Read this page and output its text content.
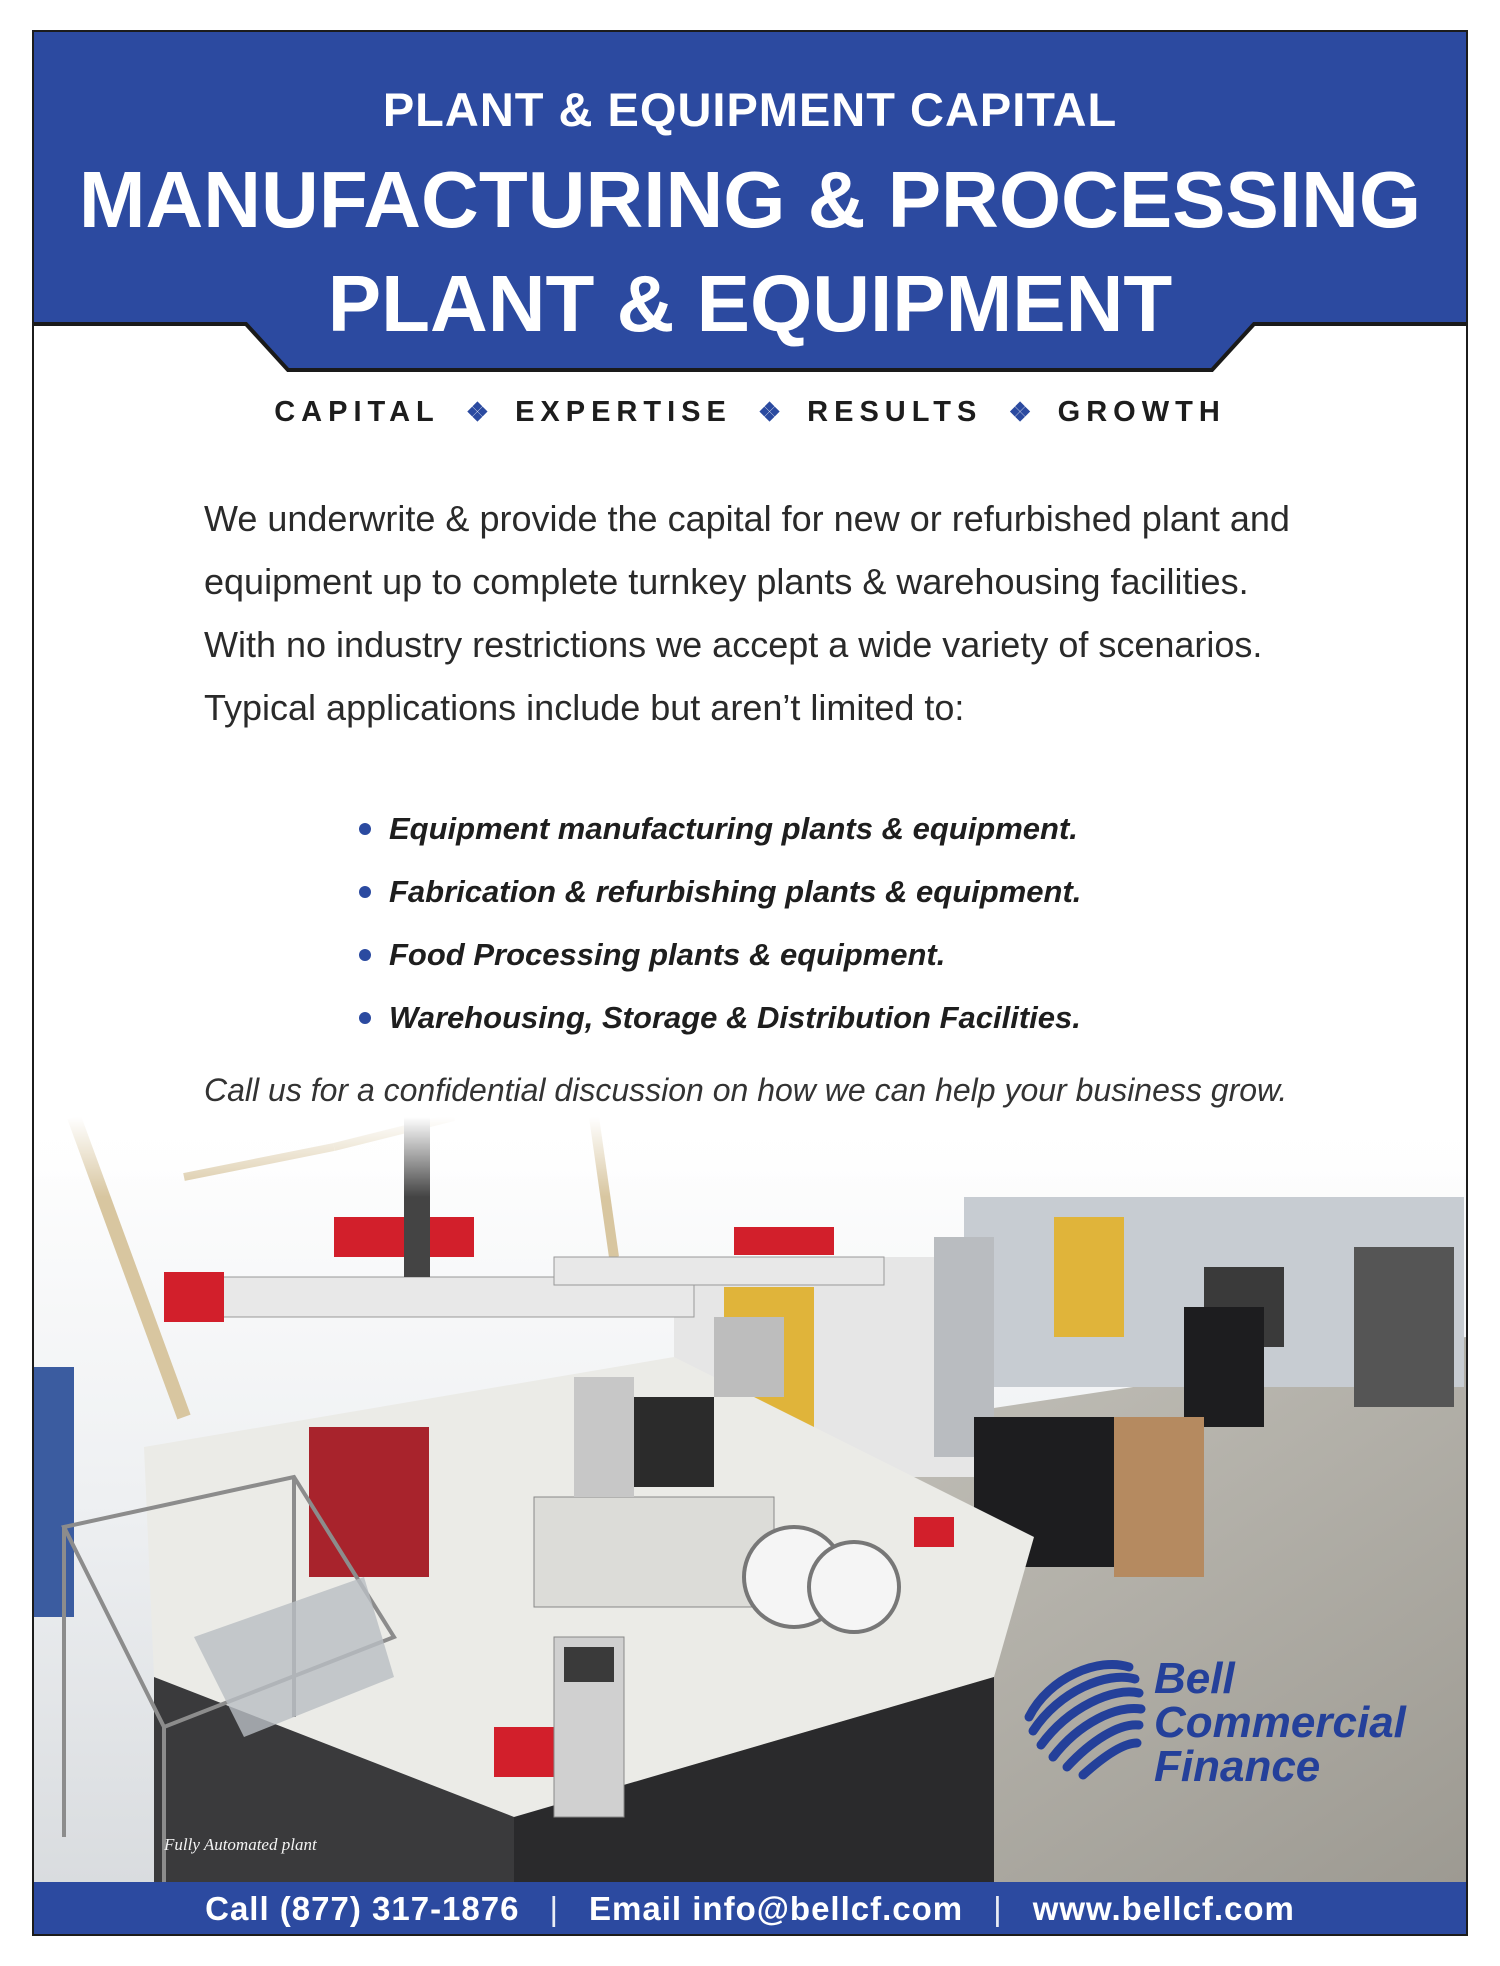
PLANT & EQUIPMENT CAPITAL
MANUFACTURING & PROCESSING
PLANT & EQUIPMENT
CAPITAL ❖ EXPERTISE ❖ RESULTS ❖ GROWTH

We underwrite & provide the capital for new or refurbished plant and

equipment up to complete turnkey plants & warehousing facilities.

With no industry restrictions we accept a wide variety of scenarios.

Typical applications include but aren’t limited to:

Equipment manufacturing plants & equipment.
Fabrication & refurbishing plants & equipment.
Food Processing plants & equipment.
Warehousing, Storage & Distribution Facilities.
Call us for a confidential discussion on how we can help your business grow.
Fully Automated plant
Bell
Commercial
Finance
Call (877) 317-1876 | Email info@bellcf.com | www.bellcf.com
